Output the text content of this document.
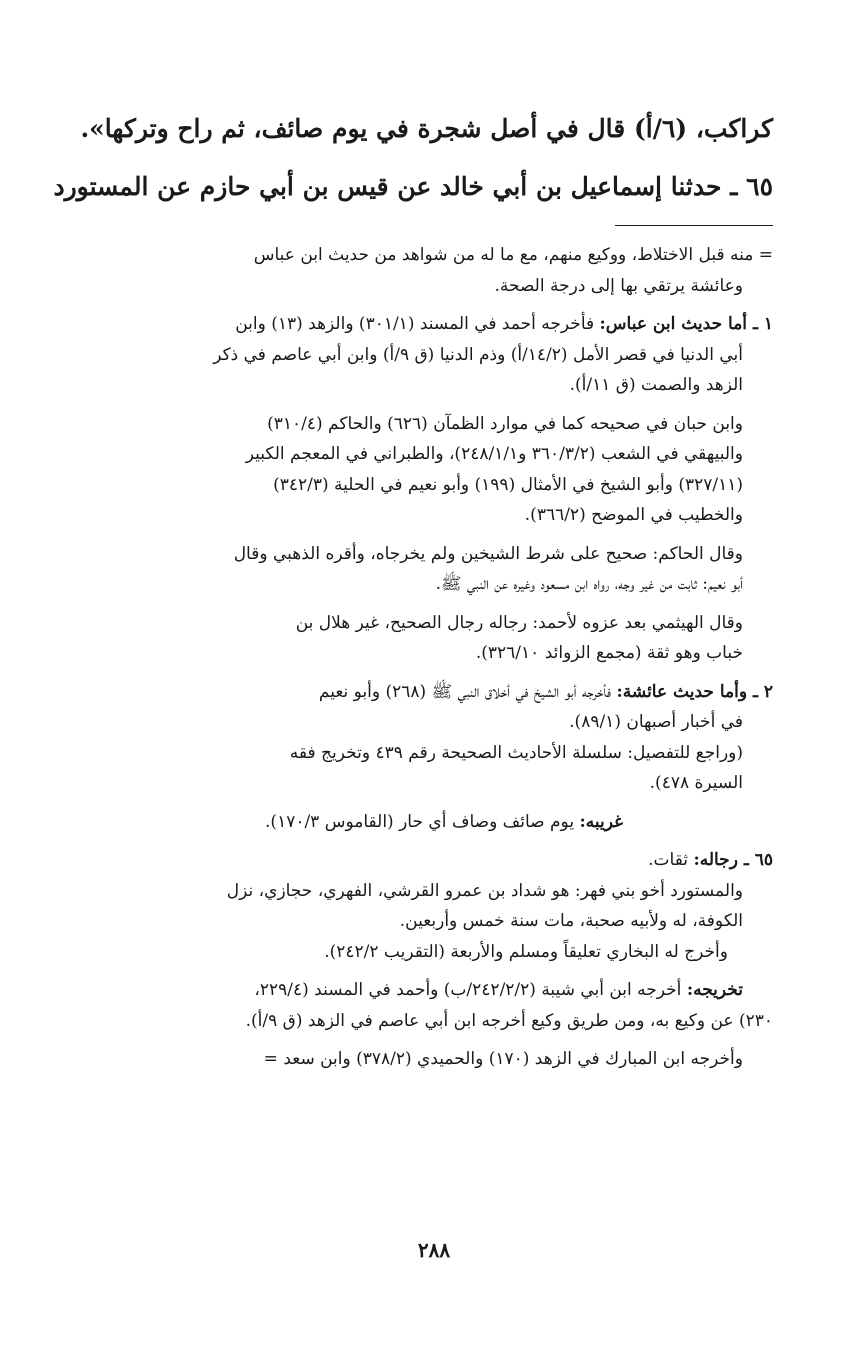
كراكب، (٦/أ) قال في أصل شجرة في يوم صائف، ثم راح وتركها».

٦٥ ـ حدثنا إسماعيل بن أبي خالد عن قيس بن أبي حازم عن المستورد

= منه قبل الاختلاط، ووكيع منهم، مع ما له من شواهد من حديث ابن عباس

وعائشة يرتقي بها إلى درجة الصحة.

١ ـ أما حديث ابن عباس: فأخرجه أحمد في المسند (٣٠١/١) والزهد (١٣) وابن

أبي الدنيا في قصر الأمل (١٤/٢/أ) وذم الدنيا (ق ٩/أ) وابن أبي عاصم في ذكر

الزهد والصمت (ق ١١/أ).

وابن حبان في صحيحه كما في موارد الظمآن (٦٢٦) والحاكم (٣١٠/٤)

والبيهقي في الشعب (٣٦٠/٣/٢ و٢٤٨/١/١)، والطبراني في المعجم الكبير

(٣٢٧/١١) وأبو الشيخ في الأمثال (١٩٩) وأبو نعيم في الحلية (٣٤٢/٣)

والخطيب في الموضح (٣٦٦/٢).

وقال الحاكم: صحيح على شرط الشيخين ولم يخرجاه، وأقره الذهبي وقال

أبو نعيم: ثابت من غير وجه، رواه ابن مسعود وغيره عن النبي ﷺ.

وقال الهيثمي بعد عزوه لأحمد: رجاله رجال الصحيح، غير هلال بن

خباب وهو ثقة (مجمع الزوائد ٣٢٦/١٠).

٢ ـ وأما حديث عائشة: فأخرجه أبو الشيخ في أخلاق النبي ﷺ (٢٦٨) وأبو نعيم

في أخبار أصبهان (٨٩/١).

(وراجع للتفصيل: سلسلة الأحاديث الصحيحة رقم ٤٣٩ وتخريج فقه

السيرة ٤٧٨).

غريبه: يوم صائف وصاف أي حار (القاموس ١٧٠/٣).

٦٥ ـ رجاله: ثقات.

والمستورد أخو بني فهر: هو شداد بن عمرو القرشي، الفهري، حجازي، نزل

الكوفة، له ولأبيه صحبة، مات سنة خمس وأربعين.

وأخرج له البخاري تعليقاً ومسلم والأربعة (التقريب ٢٤٢/٢).

تخريجه: أخرجه ابن أبي شيبة (٢٤٢/٢/٢/ب) وأحمد في المسند (٢٢٩/٤،

٢٣٠) عن وكيع به، ومن طريق وكيع أخرجه ابن أبي عاصم في الزهد (ق ٩/أ).

وأخرجه ابن المبارك في الزهد (١٧٠) والحميدي (٣٧٨/٢) وابن سعد =

٢٨٨
